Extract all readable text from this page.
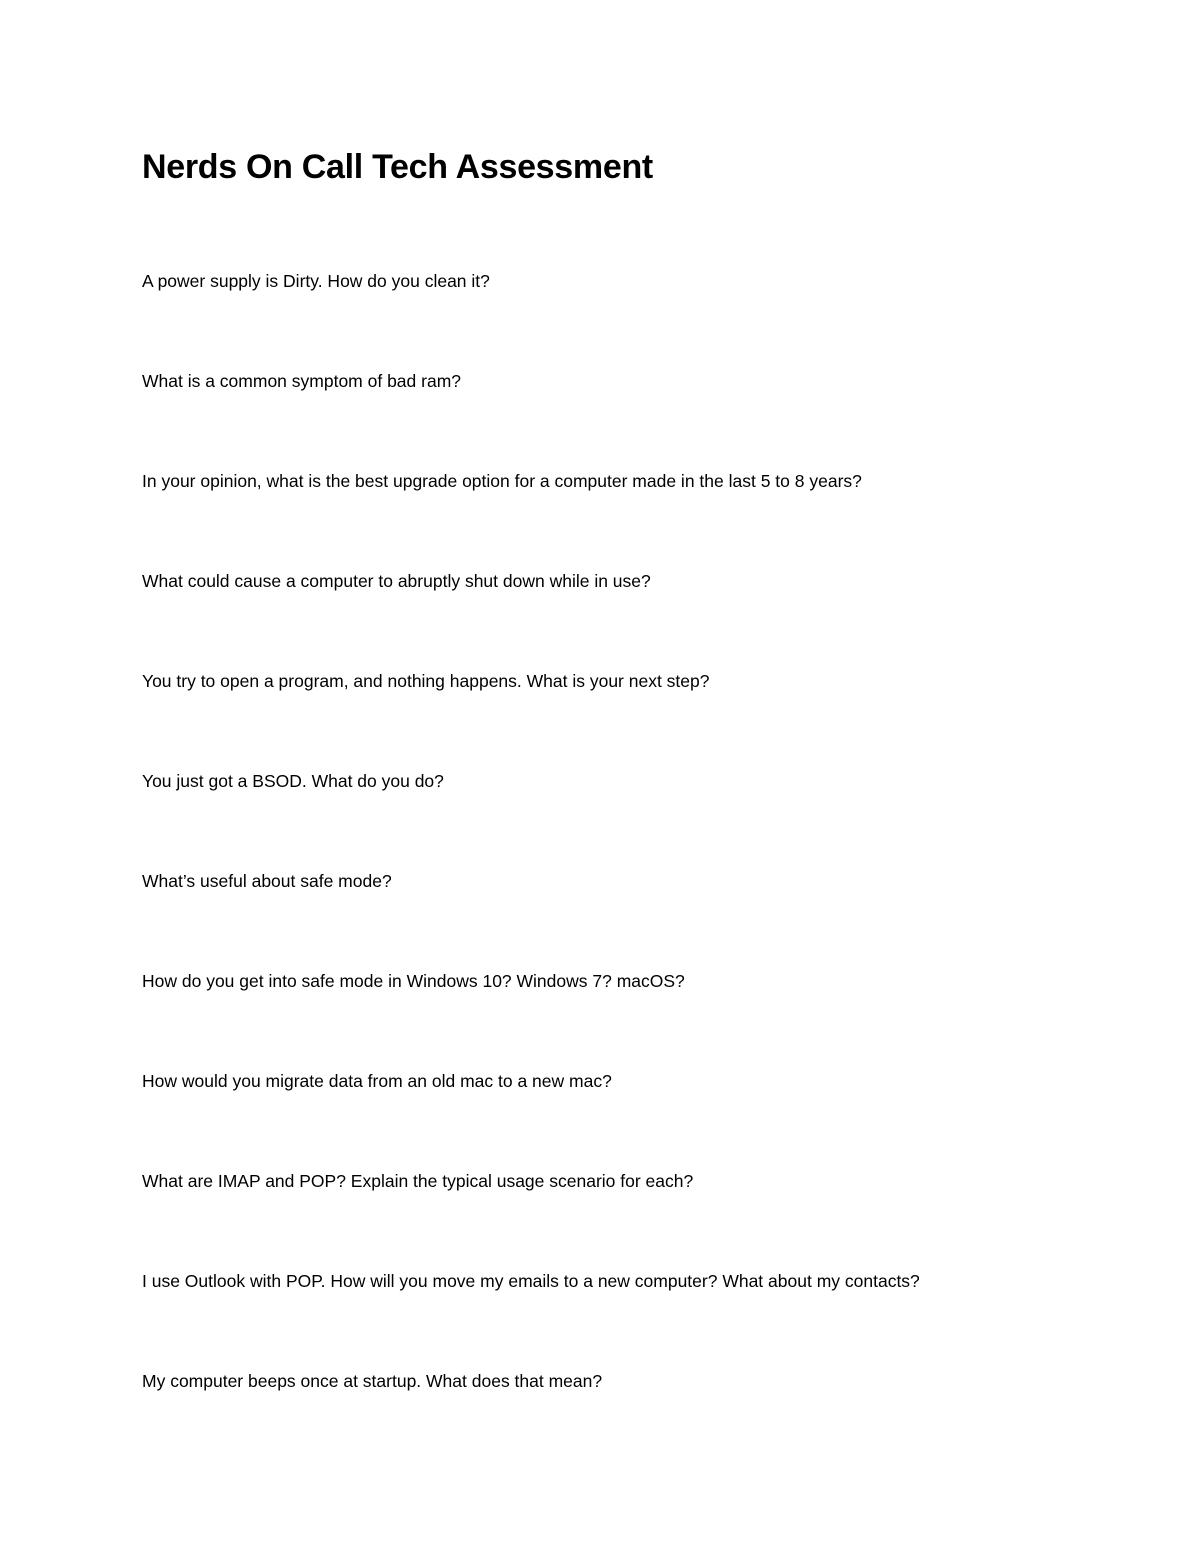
Nerds On Call Tech Assessment
A power supply is Dirty. How do you clean it?
What is a common symptom of bad ram?
In your opinion, what is the best upgrade option for a computer made in the last 5 to 8 years?
What could cause a computer to abruptly shut down while in use?
You try to open a program, and nothing happens. What is your next step?
You just got a BSOD. What do you do?
What’s useful about safe mode?
How do you get into safe mode in Windows 10? Windows 7? macOS?
How would you migrate data from an old mac to a new mac?
What are IMAP and POP? Explain the typical usage scenario for each?
I use Outlook with POP. How will you move my emails to a new computer? What about my contacts?
My computer beeps once at startup. What does that mean?
